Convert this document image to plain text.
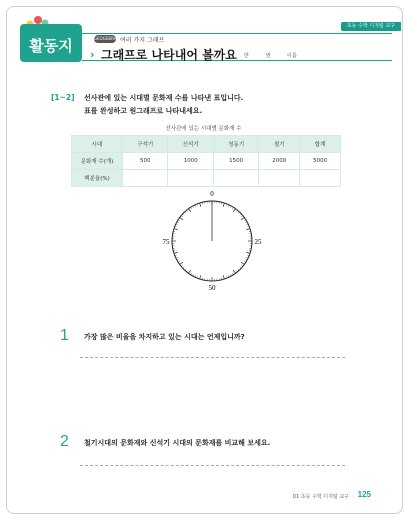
초등 수학 디지털 교구
활동지	GEOGEBRA 여러 가지 그래프
› 그래프로 나타내어 볼까요 반	번	이름
[1~2] 선사관에 있는 시대별 문화재 수를 나타낸 표입니다.
표를 완성하고 원그래프로 나타내세요.
선사관에 있는 시대별 문화재 수
시대	구석기	신석기	청동기	철기	합계
문화재 수(개)	500	1000	1500	2000	5000
백분율(%)					
0
25
50
75
1 가장 많은 비율을 차지하고 있는 시대는 언제입니까?
2 철기시대의 문화재와 신석기 시대의 문화재를 비교해 보세요.
01 초등 수학 디지털 교구 125
